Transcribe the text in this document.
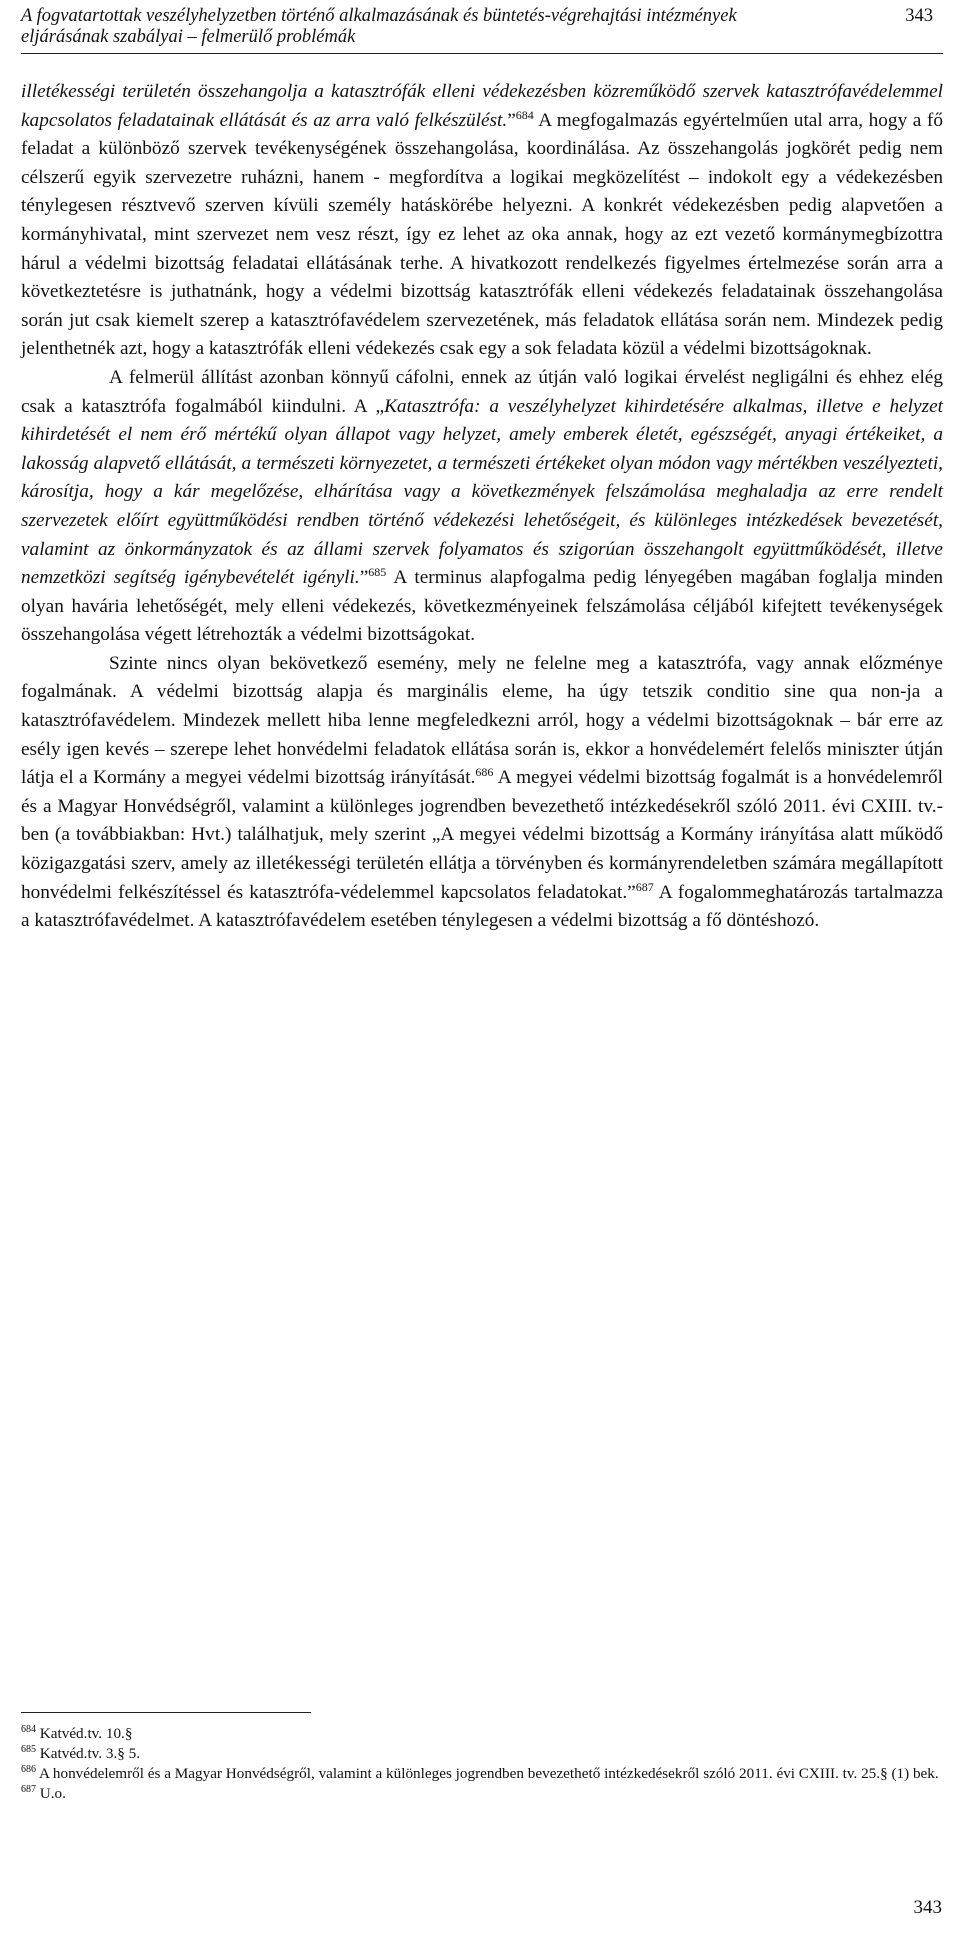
A fogvatartottak veszélyhelyzetben történő alkalmazásának és büntetés-végrehajtási intézmények eljárásának szabályai – felmerülő problémák
343

illetékességi területén összehangolja a katasztrófák elleni védekezésben közreműködő szervek katasztrófavédelemmel kapcsolatos feladatainak ellátását és az arra való felkészülést.”$^{684}$ A megfogalmazás egyértelműen utal arra, hogy a fő feladat a különböző szervek tevékenységének összehangolása, koordinálása. Az összehangolás jogkörét pedig nem célszerű egyik szervezetre ruházni, hanem - megfordítva a logikai megközelítést – indokolt egy a védekezésben ténylegesen résztvevő szerven kívüli személy hatáskörébe helyezni. A konkrét védekezésben pedig alapvetően a kormányhivatal, mint szervezet nem vesz részt, így ez lehet az oka annak, hogy az ezt vezető kormánymegbízottra hárul a védelmi bizottság feladatai ellátásának terhe. A hivatkozott rendelkezés figyelmes értelmezése során arra a következtetésre is juthatnánk, hogy a védelmi bizottság katasztrófák elleni védekezés feladatainak összehangolása során jut csak kiemelt szerep a katasztrófavédelem szervezetének, más feladatok ellátása során nem. Mindezek pedig jelenthetnék azt, hogy a katasztrófák elleni védekezés csak egy a sok feladata közül a védelmi bizottságoknak.

A felmerül állítást azonban könnyű cáfolni, ennek az útján való logikai érvelést negligálni és ehhez elég csak a katasztrófa fogalmából kiindulni. A „Katasztrófa: a veszélyhelyzet kihirdetésére alkalmas, illetve e helyzet kihirdetését el nem érő mértékű olyan állapot vagy helyzet, amely emberek életét, egészségét, anyagi értékeiket, a lakosság alapvető ellátását, a természeti környezetet, a természeti értékeket olyan módon vagy mértékben veszélyezteti, károsítja, hogy a kár megelőzése, elhárítása vagy a következmények felszámolása meghaladja az erre rendelt szervezetek előírt együttműködési rendben történő védekezési lehetőségeit, és különleges intézkedések bevezetését, valamint az önkormányzatok és az állami szervek folyamatos és szigorúan összehangolt együttműködését, illetve nemzetközi segítség igénybevételét igényli.”$^{685}$ A terminus alapfogalma pedig lényegében magában foglalja minden olyan havária lehetőségét, mely elleni védekezés, következményeinek felszámolása céljából kifejtett tevékenységek összehangolása végett létrehozták a védelmi bizottságokat.

Szinte nincs olyan bekövetkező esemény, mely ne felelne meg a katasztrófa, vagy annak előzménye fogalmának. A védelmi bizottság alapja és marginális eleme, ha úgy tetszik conditio sine qua non-ja a katasztrófavédelem. Mindezek mellett hiba lenne megfeledkezni arról, hogy a védelmi bizottságoknak – bár erre az esély igen kevés – szerepe lehet honvédelmi feladatok ellátása során is, ekkor a honvédelemért felelős miniszter útján látja el a Kormány a megyei védelmi bizottság irányítását.$^{686}$ A megyei védelmi bizottság fogalmát is a honvédelemről és a Magyar Honvédségről, valamint a különleges jogrendben bevezethető intézkedésekről szóló 2011. évi CXIII. tv.-ben (a továbbiakban: Hvt.) találhatjuk, mely szerint „A megyei védelmi bizottság a Kormány irányítása alatt működő közigazgatási szerv, amely az illetékességi területén ellátja a törvényben és kormányrendeletben számára megállapított honvédelmi felkészítéssel és katasztrófa-védelemmel kapcsolatos feladatokat.”$^{687}$ A fogalommeghatározás tartalmazza a katasztrófavédelmet. A katasztrófavédelem esetében ténylegesen a védelmi bizottság a fő döntéshozó.

$^{684}$ Katvéd.tv. 10.§

$^{685}$ Katvéd.tv. 3.§ 5.

$^{686}$ A honvédelemről és a Magyar Honvédségről, valamint a különleges jogrendben bevezethető intézkedésekről szóló 2011. évi CXIII. tv. 25.§ (1) bek.

$^{687}$ U.o.

343
